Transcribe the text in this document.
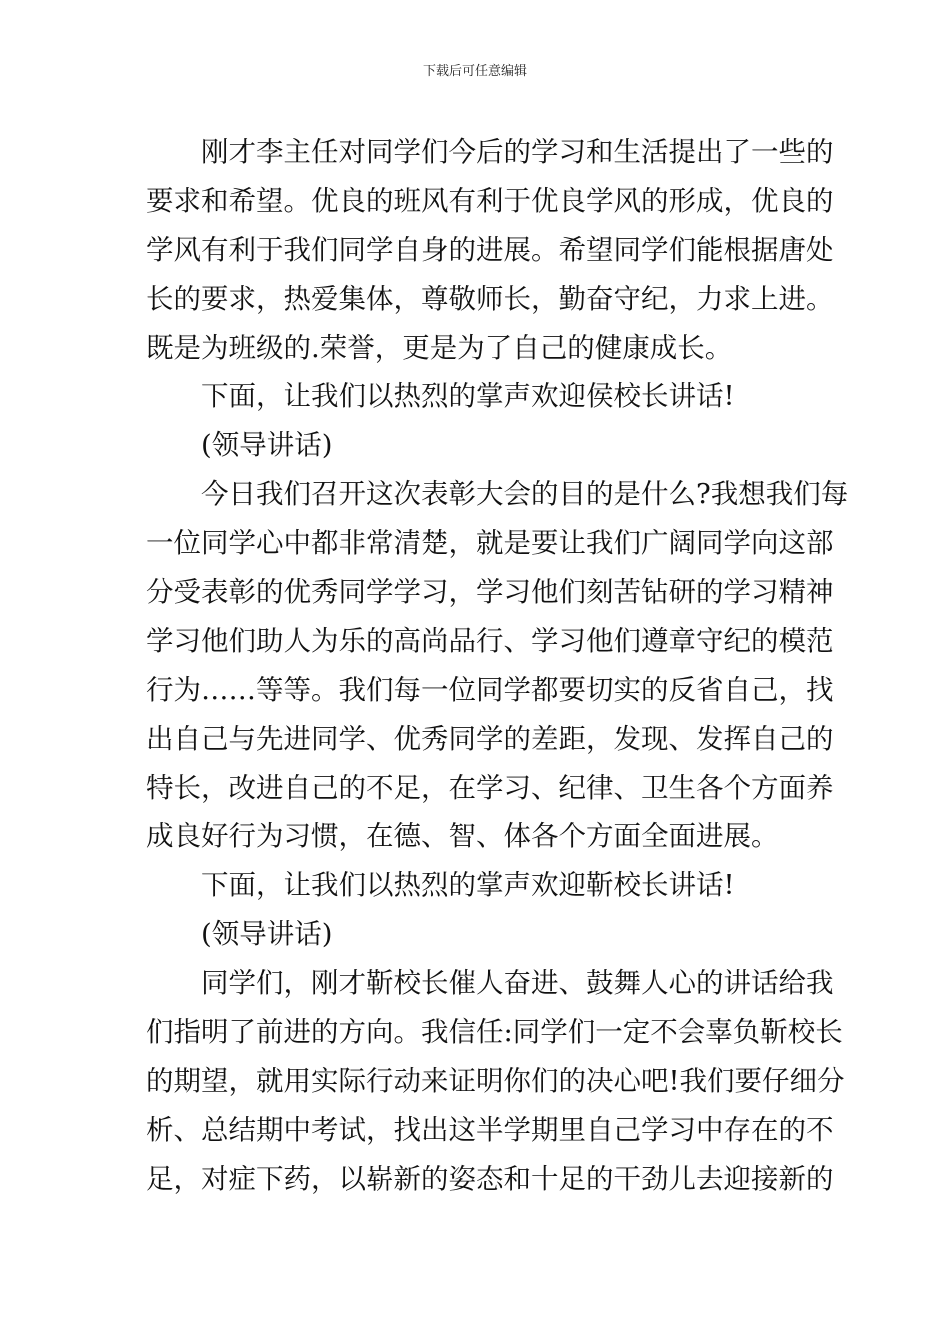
下载后可任意编辑
刚才李主任对同学们今后的学习和生活提出了一些的
要求和希望。优良的班风有利于优良学风的形成，优良的
学风有利于我们同学自身的进展。希望同学们能根据唐处
长的要求，热爱集体，尊敬师长，勤奋守纪，力求上进。
既是为班级的.荣誉，更是为了自己的健康成长。
下面，让我们以热烈的掌声欢迎侯校长讲话!
(领导讲话)
今日我们召开这次表彰大会的目的是什么?我想我们每
一位同学心中都非常清楚，就是要让我们广阔同学向这部
分受表彰的优秀同学学习，学习他们刻苦钻研的学习精神
学习他们助人为乐的高尚品行、学习他们遵章守纪的模范
行为……等等。我们每一位同学都要切实的反省自己，找
出自己与先进同学、优秀同学的差距，发现、发挥自己的
特长，改进自己的不足，在学习、纪律、卫生各个方面养
成良好行为习惯，在德、智、体各个方面全面进展。
下面，让我们以热烈的掌声欢迎靳校长讲话!
(领导讲话)
同学们，刚才靳校长催人奋进、鼓舞人心的讲话给我
们指明了前进的方向。我信任:同学们一定不会辜负靳校长
的期望，就用实际行动来证明你们的决心吧!我们要仔细分
析、总结期中考试，找出这半学期里自己学习中存在的不
足，对症下药，以崭新的姿态和十足的干劲儿去迎接新的
